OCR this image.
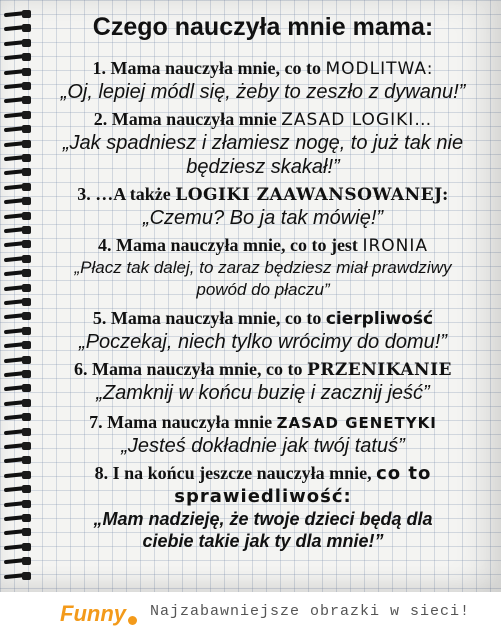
Czego nauczyła mnie mama:
1. Mama nauczyła mnie, co to MODLITWA:
„Oj, lepiej módl się, żeby to zeszło z dywanu!”
2. Mama nauczyła mnie ZASAD LOGIKI…
„Jak spadniesz i złamiesz nogę, to już tak nie
będziesz skakał!”
3. …A także LOGIKI ZAAWANSOWANEJ:
„Czemu? Bo ja tak mówię!”
4. Mama nauczyła mnie, co to jest IRONIA
„Płacz tak dalej, to zaraz będziesz miał prawdziwy
powód do płaczu”
5. Mama nauczyła mnie, co to cierpliwość
„Poczekaj, niech tylko wrócimy do domu!”
6. Mama nauczyła mnie, co to PRZENIKANIE
„Zamknij w końcu buzię i zacznij jeść”
7. Mama nauczyła mnie ZASAD GENETYKI
„Jesteś dokładnie jak twój tatuś”
8. I na końcu jeszcze nauczyła mnie, co to
sprawiedliwość:
„Mam nadzieję, że twoje dzieci będą dla
ciebie takie jak ty dla mnie!”
Funny Najzabawniejsze obrazki w sieci!
